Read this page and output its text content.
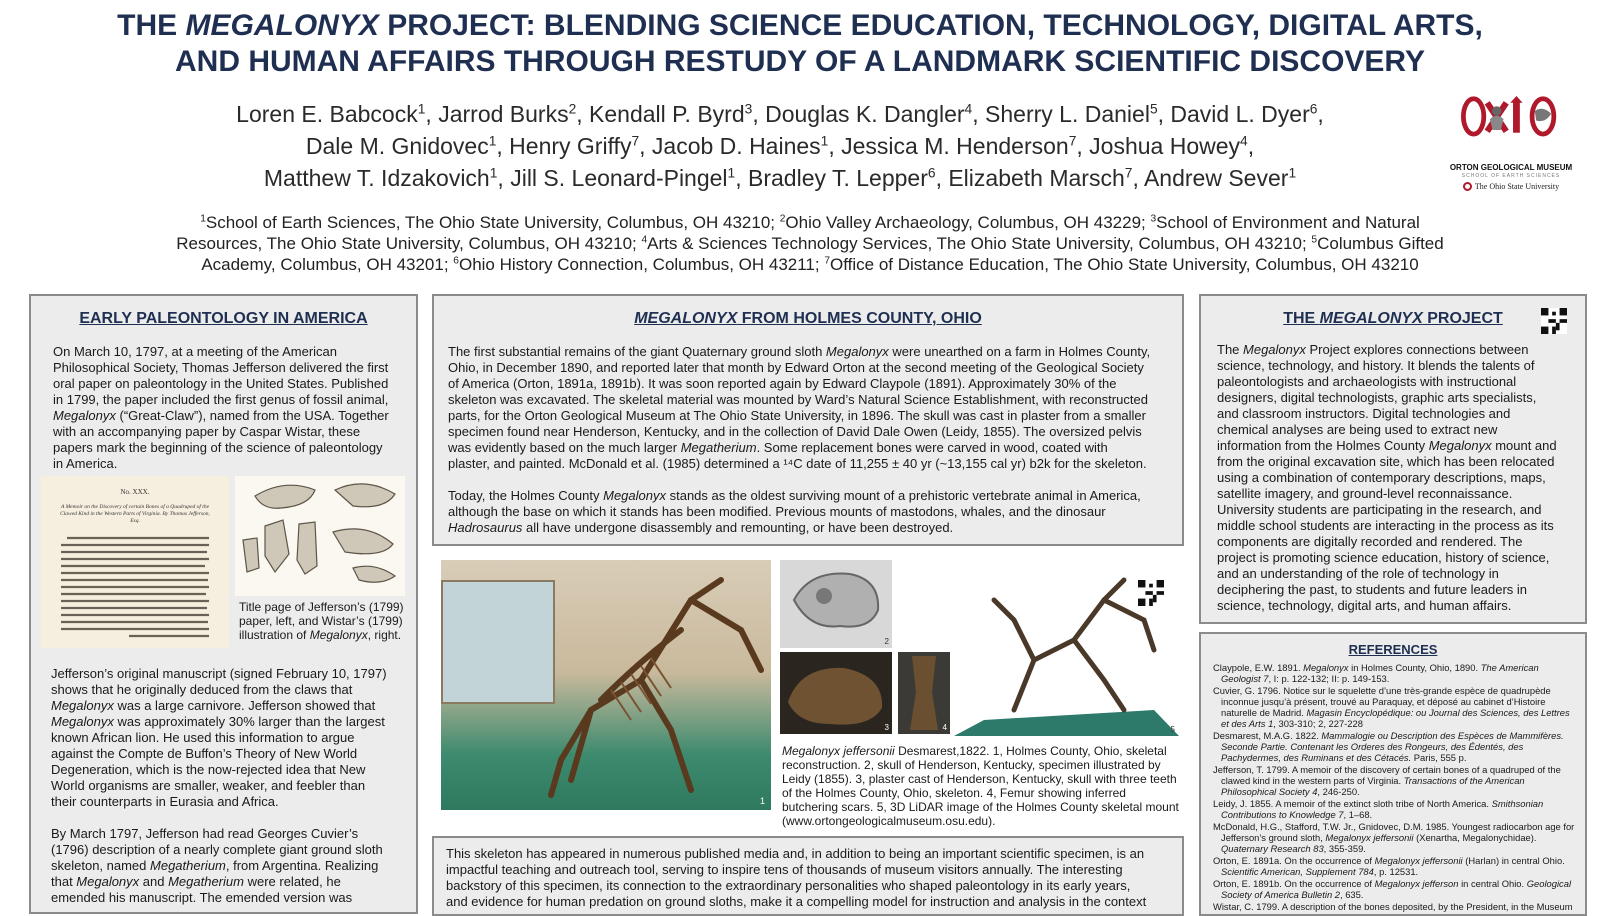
THE MEGALONYX PROJECT: BLENDING SCIENCE EDUCATION, TECHNOLOGY, DIGITAL ARTS,
AND HUMAN AFFAIRS THROUGH RESTUDY OF A LANDMARK SCIENTIFIC DISCOVERY
Loren E. Babcock$^1$, Jarrod Burks$^2$, Kendall P. Byrd$^3$, Douglas K. Dangler$^4$, Sherry L. Daniel$^5$, David L. Dyer$^6$,
Dale M. Gnidovec$^1$, Henry Griffy$^7$, Jacob D. Haines$^1$, Jessica M. Henderson$^7$, Joshua Howey$^4$,
Matthew T. Idzakovich$^1$, Jill S. Leonard-Pingel$^1$, Bradley T. Lepper$^6$, Elizabeth Marsch$^7$, Andrew Sever$^1$
$^1$School of Earth Sciences, The Ohio State University, Columbus, OH 43210; $^2$Ohio Valley Archaeology, Columbus, OH 43229; $^3$School of Environment and Natural
Resources, The Ohio State University, Columbus, OH 43210; $^4$Arts & Sciences Technology Services, The Ohio State University, Columbus, OH 43210; $^5$Columbus Gifted
Academy, Columbus, OH 43201; $^6$Ohio History Connection, Columbus, OH 43211; $^7$Office of Distance Education, The Ohio State University, Columbus, OH 43210
ORTON GEOLOGICAL MUSEUM
SCHOOL OF EARTH SCIENCES
The Ohio State University
EARLY PALEONTOLOGY IN AMERICA
On March 10, 1797, at a meeting of the American
Philosophical Society, Thomas Jefferson delivered the first
oral paper on paleontology in the United States. Published
in 1799, the paper included the first genus of fossil animal,
Megalonyx (“Great-Claw”), named from the USA. Together
with an accompanying paper by Caspar Wistar, these
papers mark the beginning of the science of paleontology
in America.
No. XXX.
A Memoir on the Discovery of certain Bones of a Quadruped of the Clawed Kind in the Western Parts of Virginia. By Thomas Jefferson, Esq.
Title page of Jefferson’s (1799) paper, left, and Wistar’s (1799) illustration of Megalonyx, right.
Jefferson’s original manuscript (signed February 10, 1797)
shows that he originally deduced from the claws that
Megalonyx was a large carnivore. Jefferson showed that
Megalonyx was approximately 30% larger than the largest
known African lion. He used this information to argue
against the Compte de Buffon’s Theory of New World
Degeneration, which is the now-rejected idea that New
World organisms are smaller, weaker, and feebler than
their counterparts in Eurasia and Africa.
By March 1797, Jefferson had read Georges Cuvier’s
(1796) description of a nearly complete giant ground sloth
skeleton, named Megatherium, from Argentina. Realizing
that Megalonyx and Megatherium were related, he
emended his manuscript. The emended version was
MEGALONYX FROM HOLMES COUNTY, OHIO
The first substantial remains of the giant Quaternary ground sloth Megalonyx were unearthed on a farm in Holmes County,
Ohio, in December 1890, and reported later that month by Edward Orton at the second meeting of the Geological Society
of America (Orton, 1891a, 1891b). It was soon reported again by Edward Claypole (1891). Approximately 30% of the
skeleton was excavated. The skeletal material was mounted by Ward’s Natural Science Establishment, with reconstructed
parts, for the Orton Geological Museum at The Ohio State University, in 1896. The skull was cast in plaster from a smaller
specimen found near Henderson, Kentucky, and in the collection of David Dale Owen (Leidy, 1855). The oversized pelvis
was evidently based on the much larger Megatherium. Some replacement bones were carved in wood, coated with
plaster, and painted. McDonald et al. (1985) determined a ¹⁴C date of 11,255 ± 40 yr (~13,155 cal yr) b2k for the skeleton.
Today, the Holmes County Megalonyx stands as the oldest surviving mount of a prehistoric vertebrate animal in America,
although the base on which it stands has been modified. Previous mounts of mastodons, whales, and the dinosaur
Hadrosaurus all have undergone disassembly and remounting, or have been destroyed.
1
2
3	4	5
Megalonyx jeffersonii Desmarest,1822. 1, Holmes County, Ohio, skeletal
reconstruction. 2, skull of Henderson, Kentucky, specimen illustrated by
Leidy (1855). 3, plaster cast of Henderson, Kentucky, skull with three teeth
of the Holmes County, Ohio, skeleton. 4, Femur showing inferred
butchering scars. 5, 3D LiDAR image of the Holmes County skeletal mount
(www.ortongeologicalmuseum.osu.edu).
This skeleton has appeared in numerous published media and, in addition to being an important scientific specimen, is an
impactful teaching and outreach tool, serving to inspire tens of thousands of museum visitors annually. The interesting
backstory of this specimen, its connection to the extraordinary personalities who shaped paleontology in its early years,
and evidence for human predation on ground sloths, make it a compelling model for instruction and analysis in the context
THE MEGALONYX PROJECT
The Megalonyx Project explores connections between
science, technology, and history. It blends the talents of
paleontologists and archaeologists with instructional
designers, digital technologists, graphic arts specialists,
and classroom instructors. Digital technologies and
chemical analyses are being used to extract new
information from the Holmes County Megalonyx mount and
from the original excavation site, which has been relocated
using a combination of contemporary descriptions, maps,
satellite imagery, and ground-level reconnaissance.
University students are participating in the research, and
middle school students are interacting in the process as its
components are digitally recorded and rendered. The
project is promoting science education, history of science,
and an understanding of the role of technology in
deciphering the past, to students and future leaders in
science, technology, digital arts, and human affairs.
REFERENCES
Claypole, E.W. 1891. Megalonyx in Holmes County, Ohio, 1890. The American Geologist 7, I: p. 122-132; II: p. 149-153.
Cuvier, G. 1796. Notice sur le squelette d’une très-grande espèce de quadrupède inconnue jusqu’à présent, trouvé au Paraquay, et déposé au cabinet d’Histoire naturelle de Madrid. Magasin Encyclopédique: ou Journal des Sciences, des Lettres et des Arts 1, 303-310; 2, 227-228
Desmarest, M.A.G. 1822. Mammalogie ou Description des Espèces de Mammifères. Seconde Partie. Contenant les Orderes des Rongeurs, des Édentés, des Pachydermes, des Ruminans et des Cétacés. Paris, 555 p.
Jefferson, T. 1799. A memoir of the discovery of certain bones of a quadruped of the clawed kind in the western parts of Virginia. Transactions of the American Philosophical Society 4, 246-250.
Leidy, J. 1855. A memoir of the extinct sloth tribe of North America. Smithsonian Contributions to Knowledge 7, 1–68.
McDonald, H.G., Stafford, T.W. Jr., Gnidovec, D.M. 1985. Youngest radiocarbon age for Jefferson’s ground sloth, Megalonyx jeffersonii (Xenartha, Megalonychidae). Quaternary Research 83, 355-359.
Orton, E. 1891a. On the occurrence of Megalonyx jeffersonii (Harlan) in central Ohio. Scientific American, Supplement 784, p. 12531.
Orton, E. 1891b. On the occurrence of Megalonyx jefferson in central Ohio. Geological Society of America Bulletin 2, 635.
Wistar, C. 1799. A description of the bones deposited, by the President, in the Museum
